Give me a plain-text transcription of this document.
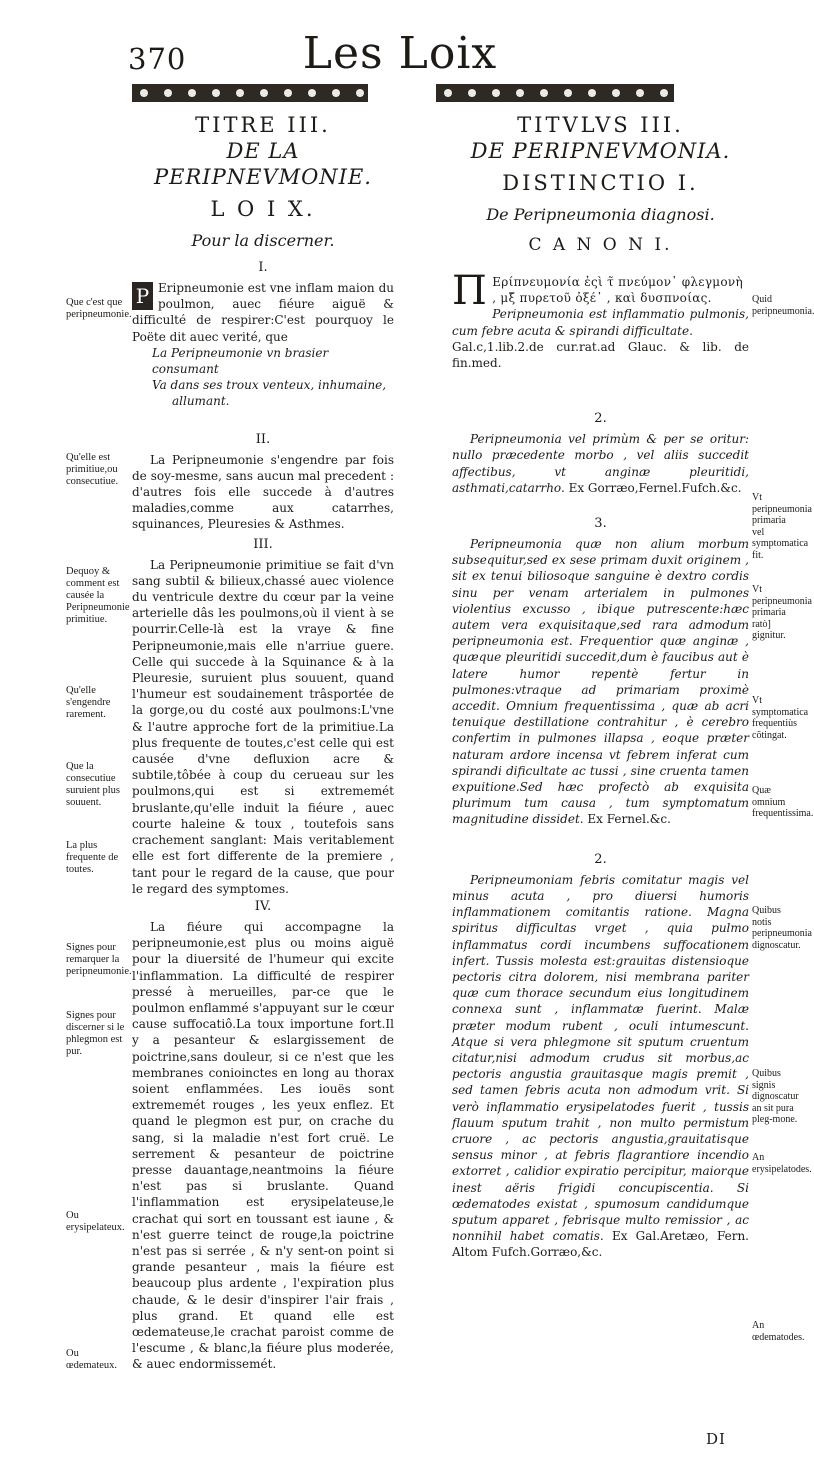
370	Les Loix
TITRE III.
DE LA PERIPNEVMONIE.
L O I X.
Pour la discerner.
I.

P Eripneumonie est vne inflam maion du poulmon, auec fiéure aiguë & difficulté de respirer:C'est pourquoy le Poëte dit auec verité, que

La Peripneumonie vn brasier consumant

Va dans ses troux venteux, inhumaine,

allumant.

II.

La Peripneumonie s'engendre par fois de soy-mesme, sans aucun mal precedent : d'autres fois elle succede à d'autres maladies,comme aux catarrhes, squinances, Pleuresies & Asthmes.

III.

La Peripneumonie primitiue se fait d'vn sang subtil & bilieux,chassé auec violence du ventricule dextre du cœur par la veine arterielle dâs les poulmons,où il vient à se pourrir.Celle-là est la vraye & fine Peripneumonie,mais elle n'arriue guere. Celle qui succede à la Squinance & à la Pleuresie, suruient plus souuent, quand l'humeur est soudainement trâsportée de la gorge,ou du costé aux poulmons:L'vne & l'autre approche fort de la primitiue.La plus frequente de toutes,c'est celle qui est causée d'vne defluxion acre & subtile,tôbée à coup du cerueau sur les poulmons,qui est si extrememét bruslante,qu'elle induit la fiéure , auec courte haleine & toux , toutefois sans crachement sanglant: Mais veritablement elle est fort differente de la premiere , tant pour le regard de la cause, que pour le regard des symptomes.

IV.

La fiéure qui accompagne la peripneumonie,est plus ou moins aiguë pour la diuersité de l'humeur qui excite l'inflammation. La difficulté de respirer pressé à merueilles, par-ce que le poulmon enflammé s'appuyant sur le cœur cause suffocatiô.La toux importune fort.Il y a pesanteur & eslargissement de poictrine,sans douleur, si ce n'est que les membranes conioinctes en long au thorax soient enflammées. Les iouës sont extrememét rouges , les yeux enflez. Et quand le plegmon est pur, on crache du sang, si la maladie n'est fort cruë. Le serrement & pesanteur de poictrine presse dauantage,neantmoins la fiéure n'est pas si bruslante. Quand l'inflammation est erysipelateuse,le crachat qui sort en toussant est iaune , & n'est guerre teinct de rouge,la poictrine n'est pas si serrée , & n'y sent-on point si grande pesanteur , mais la fiéure est beaucoup plus ardente , l'expiration plus chaude, & le desir d'inspirer l'air frais , plus grand. Et quand elle est œdemateuse,le crachat paroist comme de l'escume , & blanc,la fiéure plus moderée, & auec endormissemét.

Que c'est que peripneumonie.
Qu'elle est primitiue,ou consecutiue.
Dequoy & comment est causée la Peripneumonie primitiue.
Qu'elle s'engendre rarement.
Que la consecutiue suruient plus souuent.
La plus frequente de toutes.
Signes pour remarquer la peripneumonie.
Signes pour discerner si le phlegmon est pur.
Ou erysipelateux.
Ou œdemateux.
TITVLVS III.
DE PERIPNEVMONIA.
DISTINCTIO I.
De Peripneumonia diagnosi.
C A N O N I.

Π Ερίπνευμονία ἐςὶ τ̃ πνεύμον᾽ φλεγμονὴ , μξ̃ πυρετοῦ ὀξέ᾽ , καὶ δυσπνοίας.

Peripneumonia est inflammatio pulmonis, cum febre acuta & spirandi difficultate.

Gal.c,1.lib.2.de cur.rat.ad Glauc. & lib. de fin.med.

2.

Peripneumonia vel primùm & per se oritur: nullo præcedente morbo , vel aliis succedit affectibus, vt anginæ pleuritidi, asthmati,catarrho. Ex Gorræo,Fernel.Fufch.&c.

3.

Peripneumonia quæ non alium morbum subsequitur,sed ex sese primam duxit originem , sit ex tenui biliosoque sanguine è dextro cordis sinu per venam arterialem in pulmones violentius excusso , ibique putrescente:hæc autem vera exquisitaque,sed rara admodum peripneumonia est. Frequentior quæ anginæ , quæque pleuritidi succedit,dum è faucibus aut è latere humor repentè fertur in pulmones:vtraque ad primariam proximè accedit. Omnium frequentissima , quæ ab acri tenuique destillatione contrahitur , è cerebro confertim in pulmones illapsa , eoque præter naturam ardore incensa vt febrem inferat cum spirandi dificultate ac tussi , sine cruenta tamen expuitione.Sed hæc profectò ab exquisita plurimum tum causa , tum symptomatum magnitudine dissidet. Ex Fernel.&c.

2.

Peripneumoniam febris comitatur magis vel minus acuta , pro diuersi humoris inflammationem comitantis ratione. Magna spiritus difficultas vrget , quia pulmo inflammatus cordi incumbens suffocationem infert. Tussis molesta est:grauitas distensioque pectoris citra dolorem, nisi membrana pariter quæ cum thorace secundum eius longitudinem connexa sunt , inflammatæ fuerint. Malæ præter modum rubent , oculi intumescunt. Atque si vera phlegmone sit sputum cruentum citatur,nisi admodum crudus sit morbus,ac pectoris angustia grauitasque magis premit , sed tamen febris acuta non admodum vrit. Si verò inflammatio erysipelatodes fuerit , tussis flauum sputum trahit , non multo permistum cruore , ac pectoris angustia,grauitatisque sensus minor , at febris flagrantiore incendio extorret , calidior expiratio percipitur, maiorque inest aëris frigidi concupiscentia. Si œdematodes existat , spumosum candidumque sputum apparet , febrisque multo remissior , ac nonnihil habet comatis. Ex Gal.Aretæo, Fern. Altom Fufch.Gorræo,&c.

Quid peripneumonia.
Vt peripneumonia primaria vel symptomatica fit.
Vt peripneumonia primaria ratò] gignitur.
Vt symptomatica frequentiùs cõtingat.
Quæ omnium frequentissima.
Quibus notis peripneumonia dignoscatur.
Quibus signis dignoscatur an sit pura pleg-mone.
An erysipelatodes.
An œdematodes.
DI
